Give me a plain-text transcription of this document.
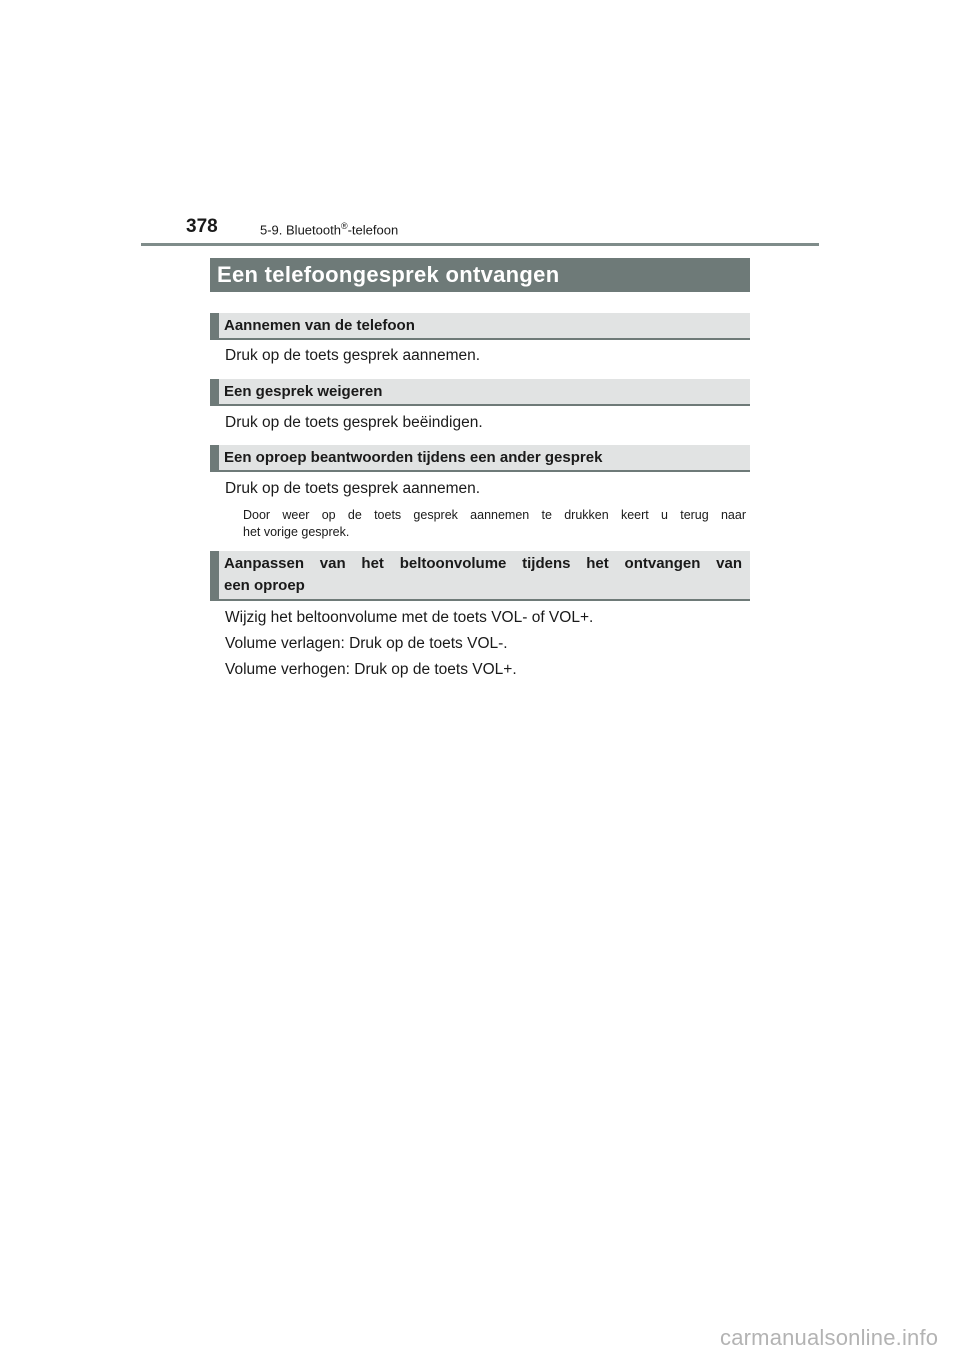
378	5-9. Bluetooth®-telefoon
Een telefoongesprek ontvangen
Aannemen van de telefoon
Druk op de toets gesprek aannemen.
Een gesprek weigeren
Druk op de toets gesprek beëindigen.
Een oproep beantwoorden tijdens een ander gesprek
Druk op de toets gesprek aannemen.
Door weer op de toets gesprek aannemen te drukken keert u terug naar
het vorige gesprek.
Aanpassen van het beltoonvolume tijdens het ontvangen van
een oproep
Wijzig het beltoonvolume met de toets VOL- of VOL+.
Volume verlagen: Druk op de toets VOL-.
Volume verhogen: Druk op de toets VOL+.
carmanualsonline.info
